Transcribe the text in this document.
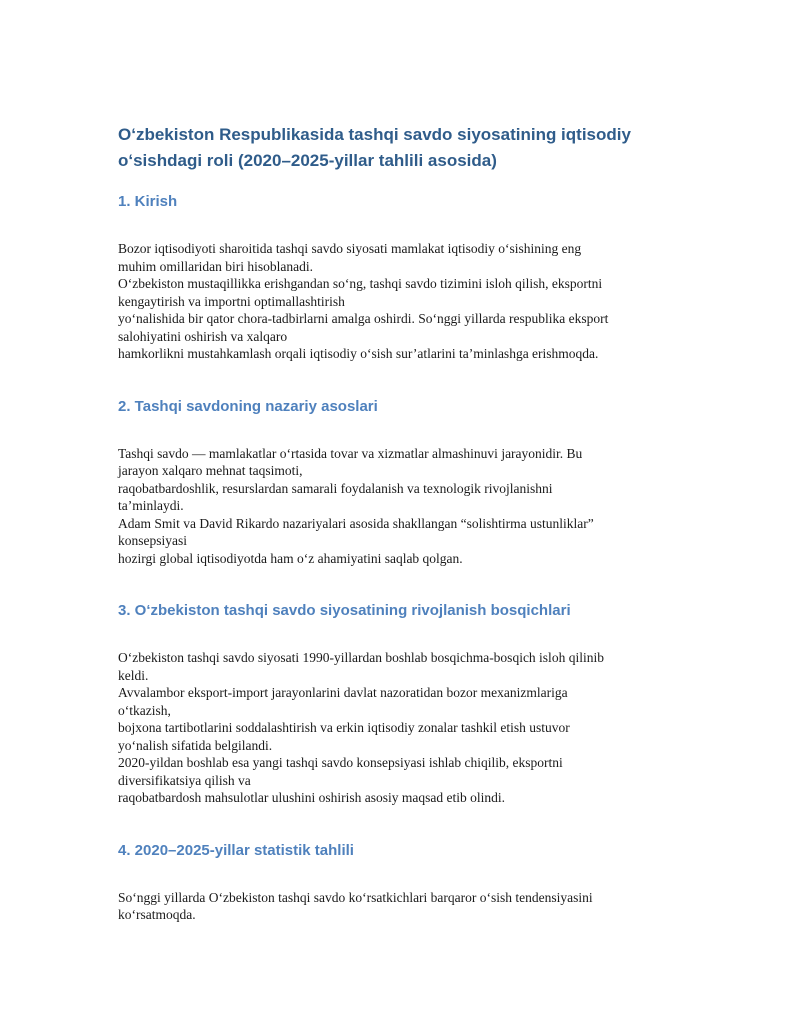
O‘zbekiston Respublikasida tashqi savdo siyosatining iqtisodiy o‘sishdagi roli (2020–2025-yillar tahlili asosida)
1. Kirish

Bozor iqtisodiyoti sharoitida tashqi savdo siyosati mamlakat iqtisodiy o‘sishining eng
muhim omillaridan biri hisoblanadi.
O‘zbekiston mustaqillikka erishgandan so‘ng, tashqi savdo tizimini isloh qilish, eksportni
kengaytirish va importni optimallashtirish
yo‘nalishida bir qator chora-tadbirlarni amalga oshirdi. So‘nggi yillarda respublika eksport
salohiyatini oshirish va xalqaro
hamkorlikni mustahkamlash orqali iqtisodiy o‘sish sur’atlarini ta’minlashga erishmoqda.

2. Tashqi savdoning nazariy asoslari

Tashqi savdo — mamlakatlar o‘rtasida tovar va xizmatlar almashinuvi jarayonidir. Bu
jarayon xalqaro mehnat taqsimoti,
raqobatbardoshlik, resurslardan samarali foydalanish va texnologik rivojlanishni
ta’minlaydi.
Adam Smit va David Rikardo nazariyalari asosida shakllangan “solishtirma ustunliklar”
konsepsiyasi
hozirgi global iqtisodiyotda ham o‘z ahamiyatini saqlab qolgan.

3. O‘zbekiston tashqi savdo siyosatining rivojlanish bosqichlari

O‘zbekiston tashqi savdo siyosati 1990-yillardan boshlab bosqichma-bosqich isloh qilinib
keldi.
Avvalambor eksport-import jarayonlarini davlat nazoratidan bozor mexanizmlariga
o‘tkazish,
bojxona tartibotlarini soddalashtirish va erkin iqtisodiy zonalar tashkil etish ustuvor
yo‘nalish sifatida belgilandi.
2020-yildan boshlab esa yangi tashqi savdo konsepsiyasi ishlab chiqilib, eksportni
diversifikatsiya qilish va
raqobatbardosh mahsulotlar ulushini oshirish asosiy maqsad etib olindi.

4. 2020–2025-yillar statistik tahlili

So‘nggi yillarda O‘zbekiston tashqi savdo ko‘rsatkichlari barqaror o‘sish tendensiyasini
ko‘rsatmoqda.
